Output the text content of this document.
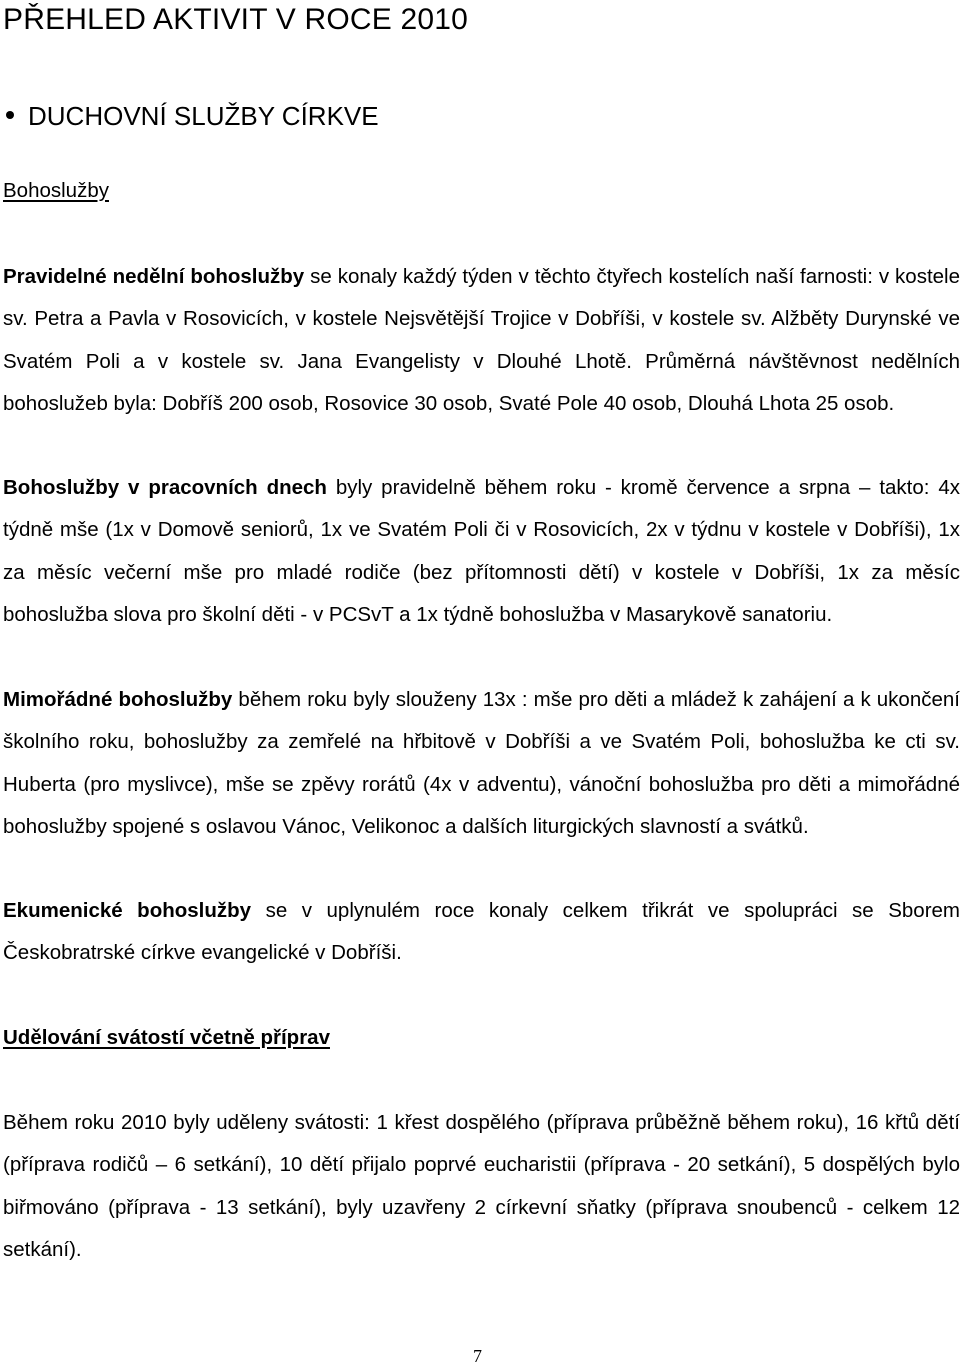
PŘEHLED AKTIVIT V ROCE 2010
DUCHOVNÍ SLUŽBY CÍRKVE
Bohoslužby

Pravidelné nedělní bohoslužby se konaly každý týden v těchto čtyřech kostelích naší farnosti: v kostele sv. Petra a Pavla v Rosovicích, v kostele Nejsvětější Trojice v Dobříši, v kostele sv. Alžběty Durynské ve Svatém Poli a v kostele sv. Jana Evangelisty v Dlouhé Lhotě. Průměrná návštěvnost nedělních bohoslužeb byla: Dobříš 200 osob, Rosovice 30 osob, Svaté Pole 40 osob, Dlouhá Lhota 25 osob.

Bohoslužby v pracovních dnech byly pravidelně během roku - kromě července a srpna – takto: 4x týdně mše (1x v Domově seniorů, 1x ve Svatém Poli či v Rosovicích, 2x v týdnu v kostele v Dobříši), 1x za měsíc večerní mše pro mladé rodiče (bez přítomnosti dětí) v kostele v Dobříši, 1x za měsíc bohoslužba slova pro školní děti - v PCSvT a 1x týdně bohoslužba v Masarykově sanatoriu.

Mimořádné bohoslužby během roku byly slouženy 13x : mše pro děti a mládež k zahájení a k ukončení školního roku, bohoslužby za zemřelé na hřbitově v Dobříši a ve Svatém Poli, bohoslužba ke cti sv. Huberta (pro myslivce), mše se zpěvy rorátů (4x v adventu), vánoční bohoslužba pro děti a mimořádné bohoslužby spojené s oslavou Vánoc, Velikonoc a dalších liturgických slavností a svátků.

Ekumenické bohoslužby se v uplynulém roce konaly celkem třikrát ve spolupráci se Sborem Českobratrské církve evangelické v Dobříši.

Udělování svátostí včetně příprav

Během roku 2010 byly uděleny svátosti: 1 křest dospělého (příprava průběžně během roku), 16 křtů dětí (příprava rodičů – 6 setkání), 10 dětí přijalo poprvé eucharistii (příprava - 20 setkání), 5 dospělých bylo biřmováno (příprava - 13 setkání), byly uzavřeny 2 církevní sňatky (příprava snoubenců - celkem 12 setkání).

7
